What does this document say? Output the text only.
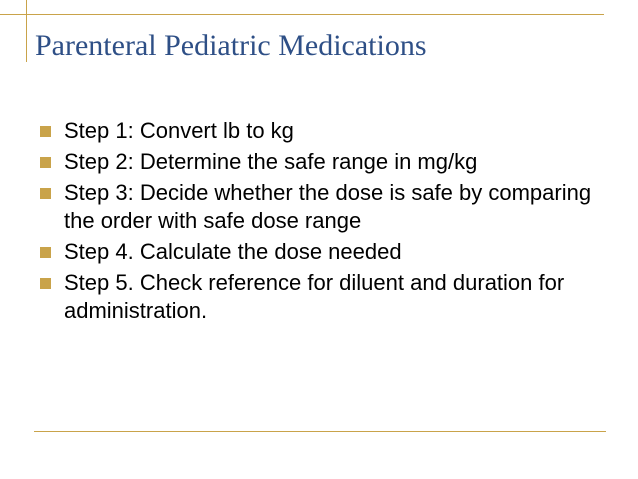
Parenteral Pediatric Medications
Step 1: Convert lb to kg
Step 2: Determine the safe range in mg/kg
Step 3: Decide whether the dose is safe by comparing the order with safe dose range
Step 4. Calculate the dose needed
Step 5. Check reference for diluent and duration for administration.
